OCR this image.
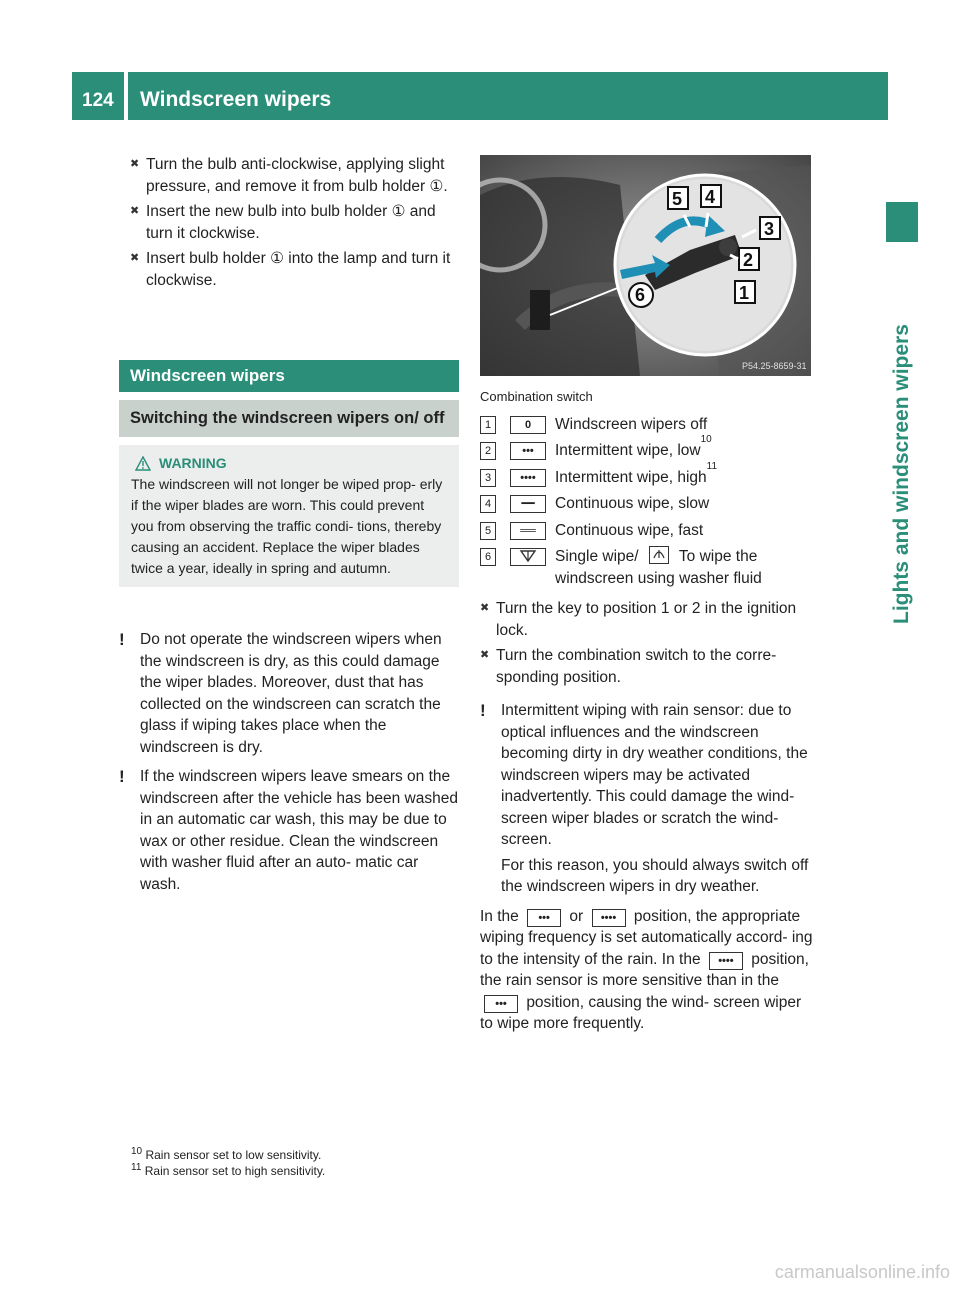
124 Windscreen wipers
Lights and windscreen wipers
✖ Turn the bulb anti-clockwise, applying slight pressure, and remove it from bulb holder ①.
✖ Insert the new bulb into bulb holder ① and turn it clockwise.
✖ Insert bulb holder ① into the lamp and turn it clockwise.
Windscreen wipers
Switching the windscreen wipers on/ off
WARNING
The windscreen will not longer be wiped prop- erly if the wiper blades are worn. This could prevent you from observing the traffic condi- tions, thereby causing an accident. Replace the wiper blades twice a year, ideally in spring and autumn.
! Do not operate the windscreen wipers when the windscreen is dry, as this could damage the wiper blades. Moreover, dust that has collected on the windscreen can scratch the glass if wiping takes place when the windscreen is dry.
! If the windscreen wipers leave smears on the windscreen after the vehicle has been washed in an automatic car wash, this may be due to wax or other residue. Clean the windscreen with washer fluid after an auto- matic car wash.
5 4
3
2
1
6
P54.25-8659-31
Combination switch
1	0	Windscreen wipers off
2	•••	Intermittent wipe, low
10
3	••••	Intermittent wipe, high
11
4	━━	Continuous wipe, slow
5	══	Continuous wipe, fast
6	Single wipe/	To wipe the windscreen using washer fluid
✖ Turn the key to position 1 or 2 in the ignition lock.
✖ Turn the combination switch to the corre- sponding position.
! Intermittent wiping with rain sensor: due to optical influences and the windscreen becoming dirty in dry weather conditions, the windscreen wipers may be activated inadvertently. This could damage the wind- screen wiper blades or scratch the wind- screen.
For this reason, you should always switch off the windscreen wipers in dry weather.
In the ••• or •••• position, the appropriate wiping frequency is set automatically accord- ing to the intensity of the rain. In the •••• position, the rain sensor is more sensitive than in the ••• position, causing the wind- screen wiper to wipe more frequently.
$^{10}$ Rain sensor set to low sensitivity.
$^{11}$ Rain sensor set to high sensitivity.
carmanualsonline.info
